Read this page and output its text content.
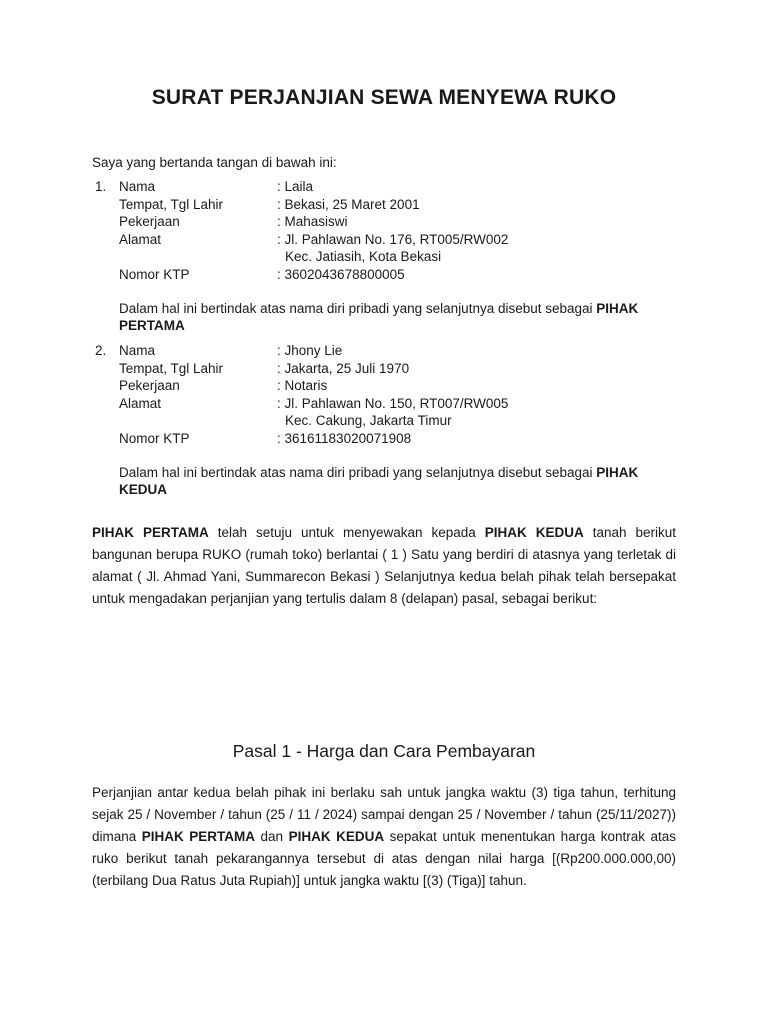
SURAT PERJANJIAN SEWA MENYEWA RUKO
Saya yang bertanda tangan di bawah ini:
1. Nama	: Laila
Tempat, Tgl Lahir	: Bekasi, 25 Maret 2001
Pekerjaan	: Mahasiswi
Alamat	: Jl. Pahlawan No. 176, RT005/RW002
Kec. Jatiasih, Kota Bekasi
Nomor KTP	: 3602043678800005
Dalam hal ini bertindak atas nama diri pribadi yang selanjutnya disebut sebagai PIHAK PERTAMA
2. Nama	: Jhony Lie
Tempat, Tgl Lahir	: Jakarta, 25 Juli 1970
Pekerjaan	: Notaris
Alamat	: Jl. Pahlawan No. 150, RT007/RW005
Kec. Cakung, Jakarta Timur
Nomor KTP	: 36161183020071908
Dalam hal ini bertindak atas nama diri pribadi yang selanjutnya disebut sebagai PIHAK KEDUA
PIHAK PERTAMA telah setuju untuk menyewakan kepada PIHAK KEDUA tanah berikut bangunan berupa RUKO (rumah toko) berlantai ( 1 ) Satu yang berdiri di atasnya yang terletak di alamat ( Jl. Ahmad Yani, Summarecon Bekasi ) Selanjutnya kedua belah pihak telah bersepakat untuk mengadakan perjanjian yang tertulis dalam 8 (delapan) pasal, sebagai berikut:
Pasal 1 - Harga dan Cara Pembayaran
Perjanjian antar kedua belah pihak ini berlaku sah untuk jangka waktu (3) tiga tahun, terhitung sejak 25 / November / tahun (25 / 11 / 2024) sampai dengan 25 / November / tahun (25/11/2027)) dimana PIHAK PERTAMA dan PIHAK KEDUA sepakat untuk menentukan harga kontrak atas ruko berikut tanah pekarangannya tersebut di atas dengan nilai harga [(Rp200.000.000,00) (terbilang Dua Ratus Juta Rupiah)] untuk jangka waktu [(3) (Tiga)] tahun.
